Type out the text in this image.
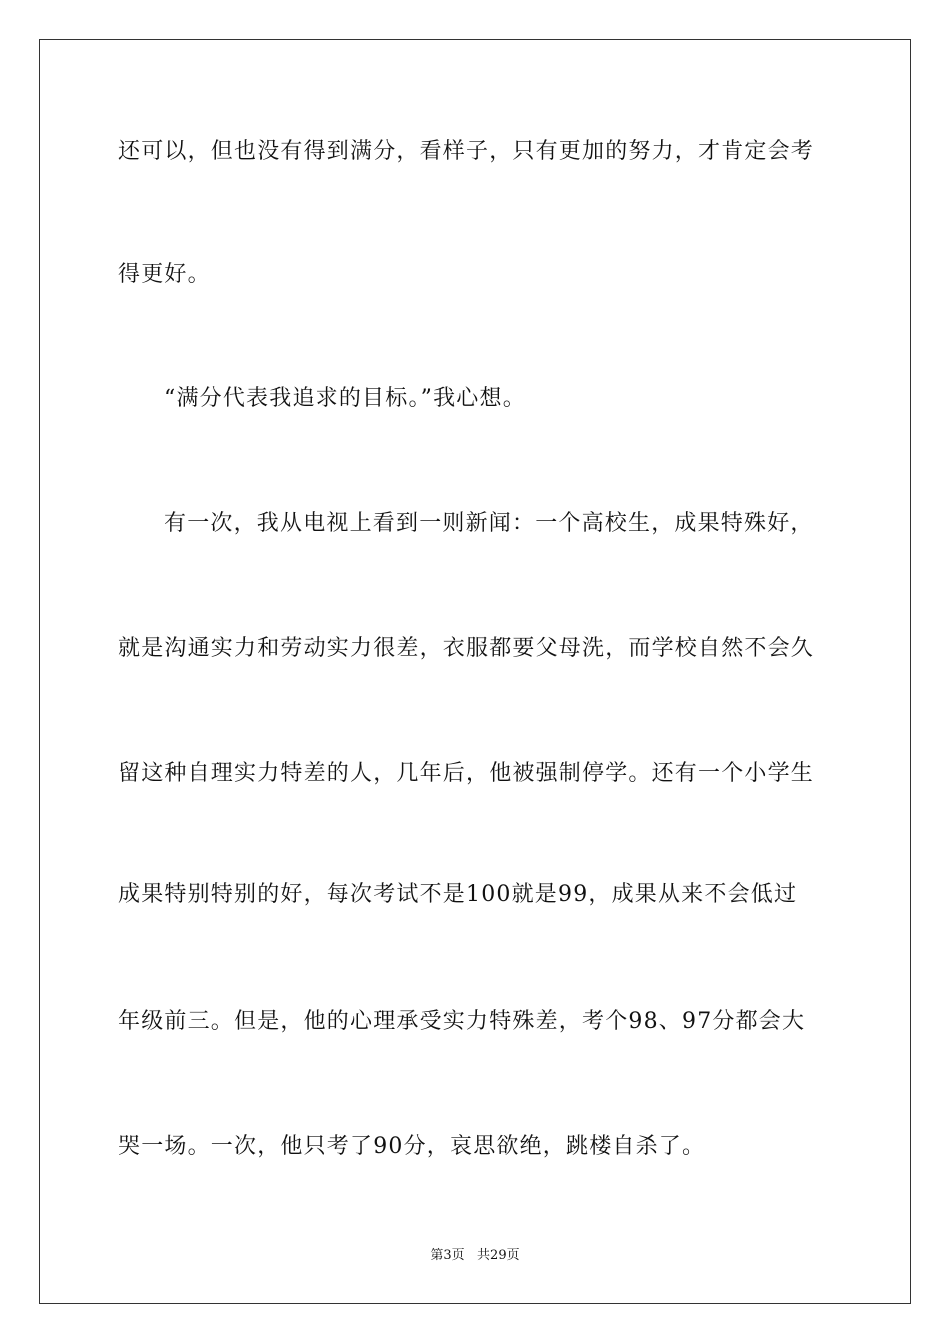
还可以，但也没有得到满分，看样子，只有更加的努力，才肯定会考
得更好。
“满分代表我追求的目标。”我心想。
有一次，我从电视上看到一则新闻：一个高校生，成果特殊好，
就是沟通实力和劳动实力很差，衣服都要父母洗，而学校自然不会久
留这种自理实力特差的人，几年后，他被强制停学。还有一个小学生
成果特别特别的好，每次考试不是100就是99，成果从来不会低过
年级前三。但是，他的心理承受实力特殊差，考个98、97分都会大
哭一场。一次，他只考了90分，哀思欲绝，跳楼自杀了。
第3页   共29页
